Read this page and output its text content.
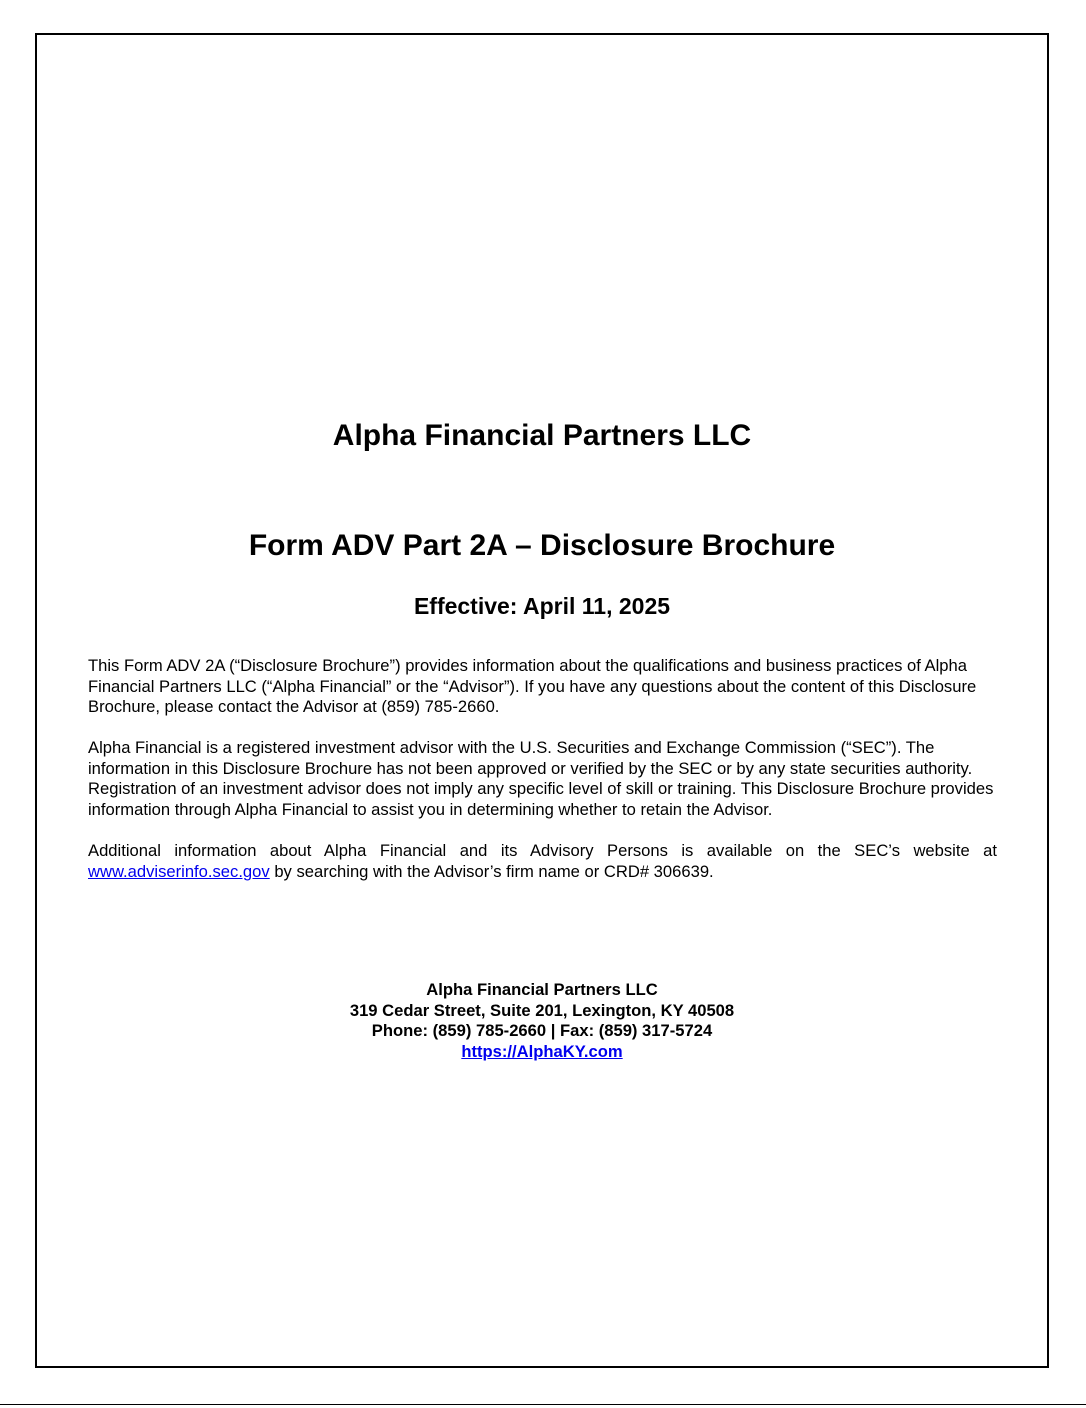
Alpha Financial Partners LLC
Form ADV Part 2A – Disclosure Brochure
Effective: April 11, 2025

This Form ADV 2A (“Disclosure Brochure”) provides information about the qualifications and business practices of Alpha Financial Partners LLC (“Alpha Financial” or the “Advisor”). If you have any questions about the content of this Disclosure Brochure, please contact the Advisor at (859) 785-2660.

Alpha Financial is a registered investment advisor with the U.S. Securities and Exchange Commission (“SEC”). The information in this Disclosure Brochure has not been approved or verified by the SEC or by any state securities authority. Registration of an investment advisor does not imply any specific level of skill or training. This Disclosure Brochure provides information through Alpha Financial to assist you in determining whether to retain the Advisor.

Additional information about Alpha Financial and its Advisory Persons is available on the SEC’s website at www.adviserinfo.sec.gov by searching with the Advisor’s firm name or CRD# 306639.

Alpha Financial Partners LLC
319 Cedar Street, Suite 201, Lexington, KY 40508
Phone: (859) 785-2660 | Fax: (859) 317-5724
https://AlphaKY.com
